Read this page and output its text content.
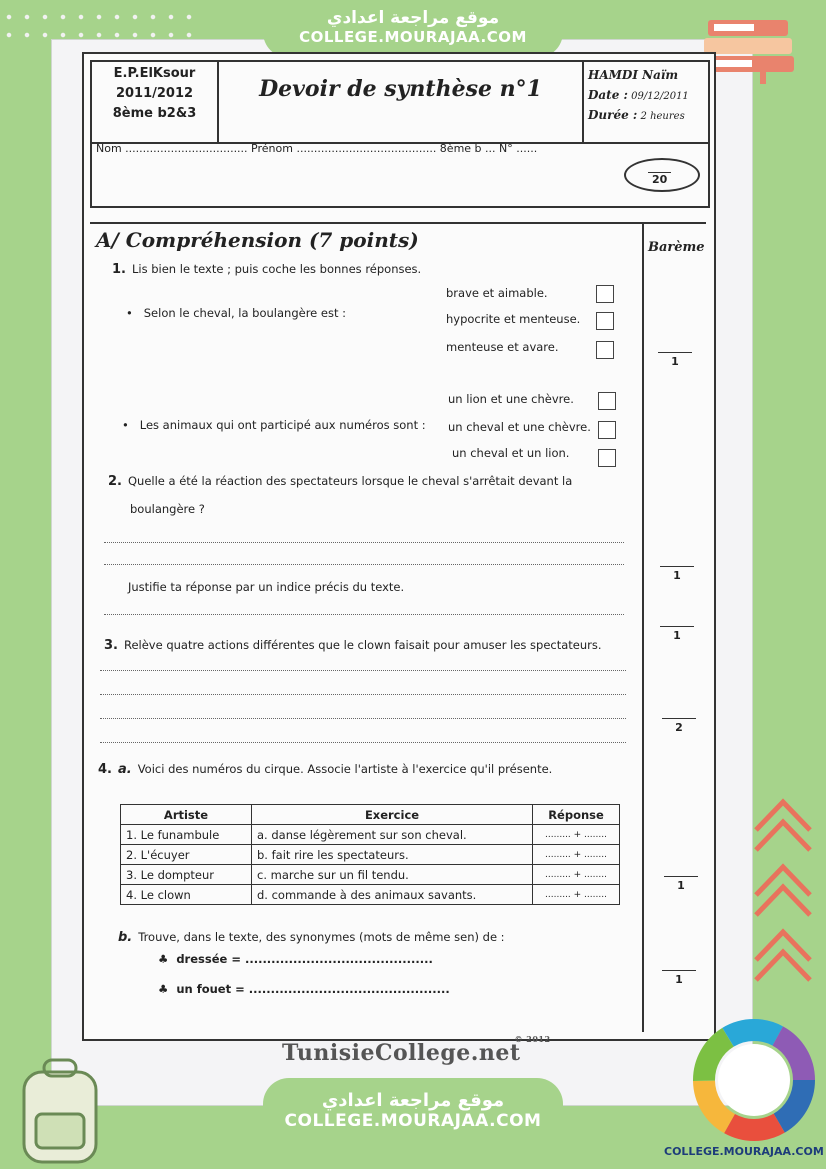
موقع مراجعة اعدادي
COLLEGE.MOURAJAA.COM
E.P.ElKsour
2011/2012
8ème b2&3
Devoir de synthèse n°1
HAMDI Naïm
Date : 09/12/2011
Durée : 2 heures
Nom ................................... Prénom ........................................ 8ème b ... N° ......
20
Barème
A/ Compréhension (7 points)
1. Lis bien le texte ; puis coche les bonnes réponses.
•   Selon le cheval, la boulangère est :
brave et aimable.
hypocrite et menteuse.
menteuse et avare.
1
•   Les animaux qui ont participé aux numéros sont :
un lion et une chèvre.
un cheval et une chèvre.
un cheval et un lion.
2. Quelle a été la réaction des spectateurs lorsque le cheval s'arrêtait devant la
boulangère ?
Justifie ta réponse par un indice précis du texte.
1
1
3. Relève quatre actions différentes que le clown faisait pour amuser les spectateurs.
2
4. a. Voici des numéros du cirque. Associe l'artiste à l'exercice qu'il présente.
Artiste	Exercice	Réponse
1. Le funambule	a. danse légèrement sur son cheval.	......... + ........
2. L'écuyer	b. fait rire les spectateurs.	......... + ........
3. Le dompteur	c. marche sur un fil tendu.	......... + ........
4. Le clown	d. commande à des animaux savants.	......... + ........
1
b. Trouve, dans le texte, des synonymes (mots de même sen) de :
♣  dressée = ...........................................
♣  un fouet = ..............................................
1
TunisieCollege.net
© 2012
موقع مراجعة اعدادي
COLLEGE.MOURAJAA.COM
COLLEGE.MOURAJAA.COM
